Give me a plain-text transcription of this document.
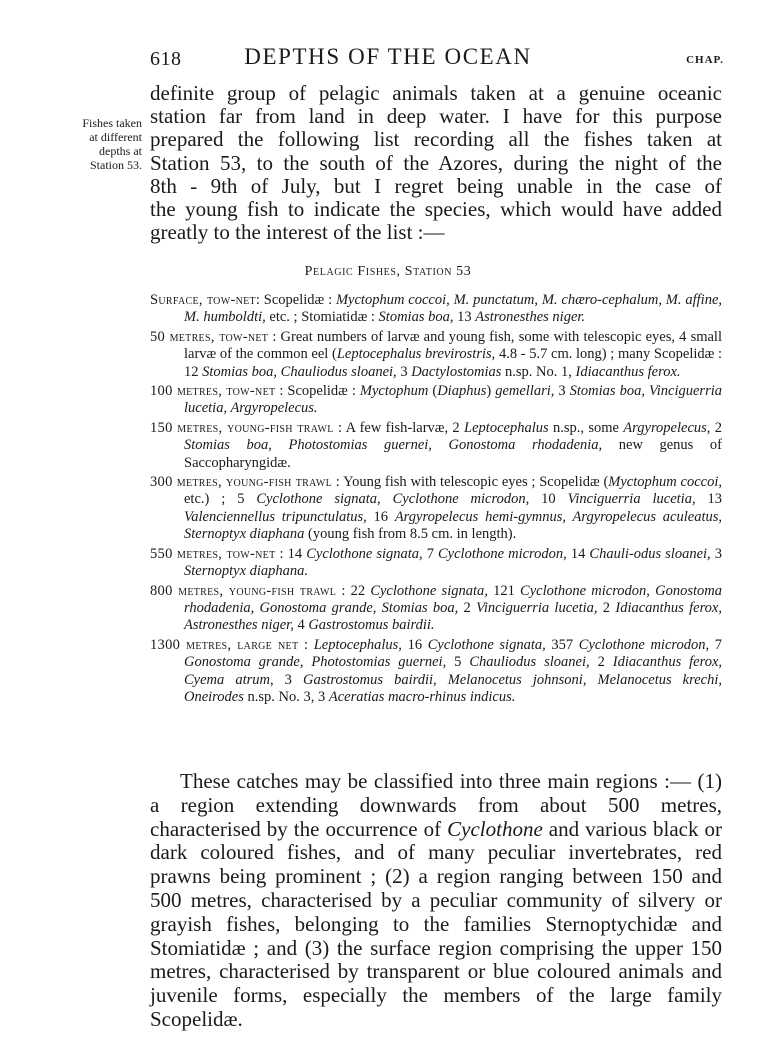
618	DEPTHS OF THE OCEAN	CHAP.
Fishes taken
at different
depths at
Station 53.
definite group of pelagic animals taken at a genuine oceanic
station far from land in deep water. I have for this purpose
prepared the following list recording all the fishes taken at
Station 53, to the south of the Azores, during the night of the
8th - 9th of July, but I regret being unable in the case of
the young fish to indicate the species, which would have added
greatly to the interest of the list :—
Pelagic Fishes, Station 53

Surface, tow-net: Scopelidæ : Myctophum coccoi, M. punctatum, M. chæro-cephalum, M. affine, M. humboldti, etc. ; Stomiatidæ : Stomias boa, 13 Astronesthes niger.

50 metres, tow-net : Great numbers of larvæ and young fish, some with telescopic eyes, 4 small larvæ of the common eel (Leptocephalus brevirostris, 4.8 - 5.7 cm. long) ; many Scopelidæ : 12 Stomias boa, Chauliodus sloanei, 3 Dactylostomias n.sp. No. 1, Idiacanthus ferox.

100 metres, tow-net : Scopelidæ : Myctophum (Diaphus) gemellari, 3 Stomias boa, Vinciguerria lucetia, Argyropelecus.

150 metres, young-fish trawl : A few fish-larvæ, 2 Leptocephalus n.sp., some Argyropelecus, 2 Stomias boa, Photostomias guernei, Gonostoma rhodadenia, new genus of Saccopharyngidæ.

300 metres, young-fish trawl : Young fish with telescopic eyes ; Scopelidæ (Myctophum coccoi, etc.) ; 5 Cyclothone signata, Cyclothone microdon, 10 Vinciguerria lucetia, 13 Valenciennellus tripunctulatus, 16 Argyropelecus hemi-gymnus, Argyropelecus aculeatus, Sternoptyx diaphana (young fish from 8.5 cm. in length).

550 metres, tow-net : 14 Cyclothone signata, 7 Cyclothone microdon, 14 Chauli-odus sloanei, 3 Sternoptyx diaphana.

800 metres, young-fish trawl : 22 Cyclothone signata, 121 Cyclothone microdon, Gonostoma rhodadenia, Gonostoma grande, Stomias boa, 2 Vinciguerria lucetia, 2 Idiacanthus ferox, Astronesthes niger, 4 Gastrostomus bairdii.

1300 metres, large net : Leptocephalus, 16 Cyclothone signata, 357 Cyclothone microdon, 7 Gonostoma grande, Photostomias guernei, 5 Chauliodus sloanei, 2 Idiacanthus ferox, Cyema atrum, 3 Gastrostomus bairdii, Melanocetus johnsoni, Melanocetus krechi, Oneirodes n.sp. No. 3, 3 Aceratias macro-rhinus indicus.

These catches may be classified into three main regions :— (1) a region extending downwards from about 500 metres, characterised by the occurrence of Cyclothone and various black or dark coloured fishes, and of many peculiar invertebrates, red prawns being prominent ; (2) a region ranging between 150 and 500 metres, characterised by a peculiar community of silvery or grayish fishes, belonging to the families Sternoptychidæ and Stomiatidæ ; and (3) the surface region comprising the upper 150 metres, characterised by transparent or blue coloured animals and juvenile forms, especially the members of the large family Scopelidæ.
